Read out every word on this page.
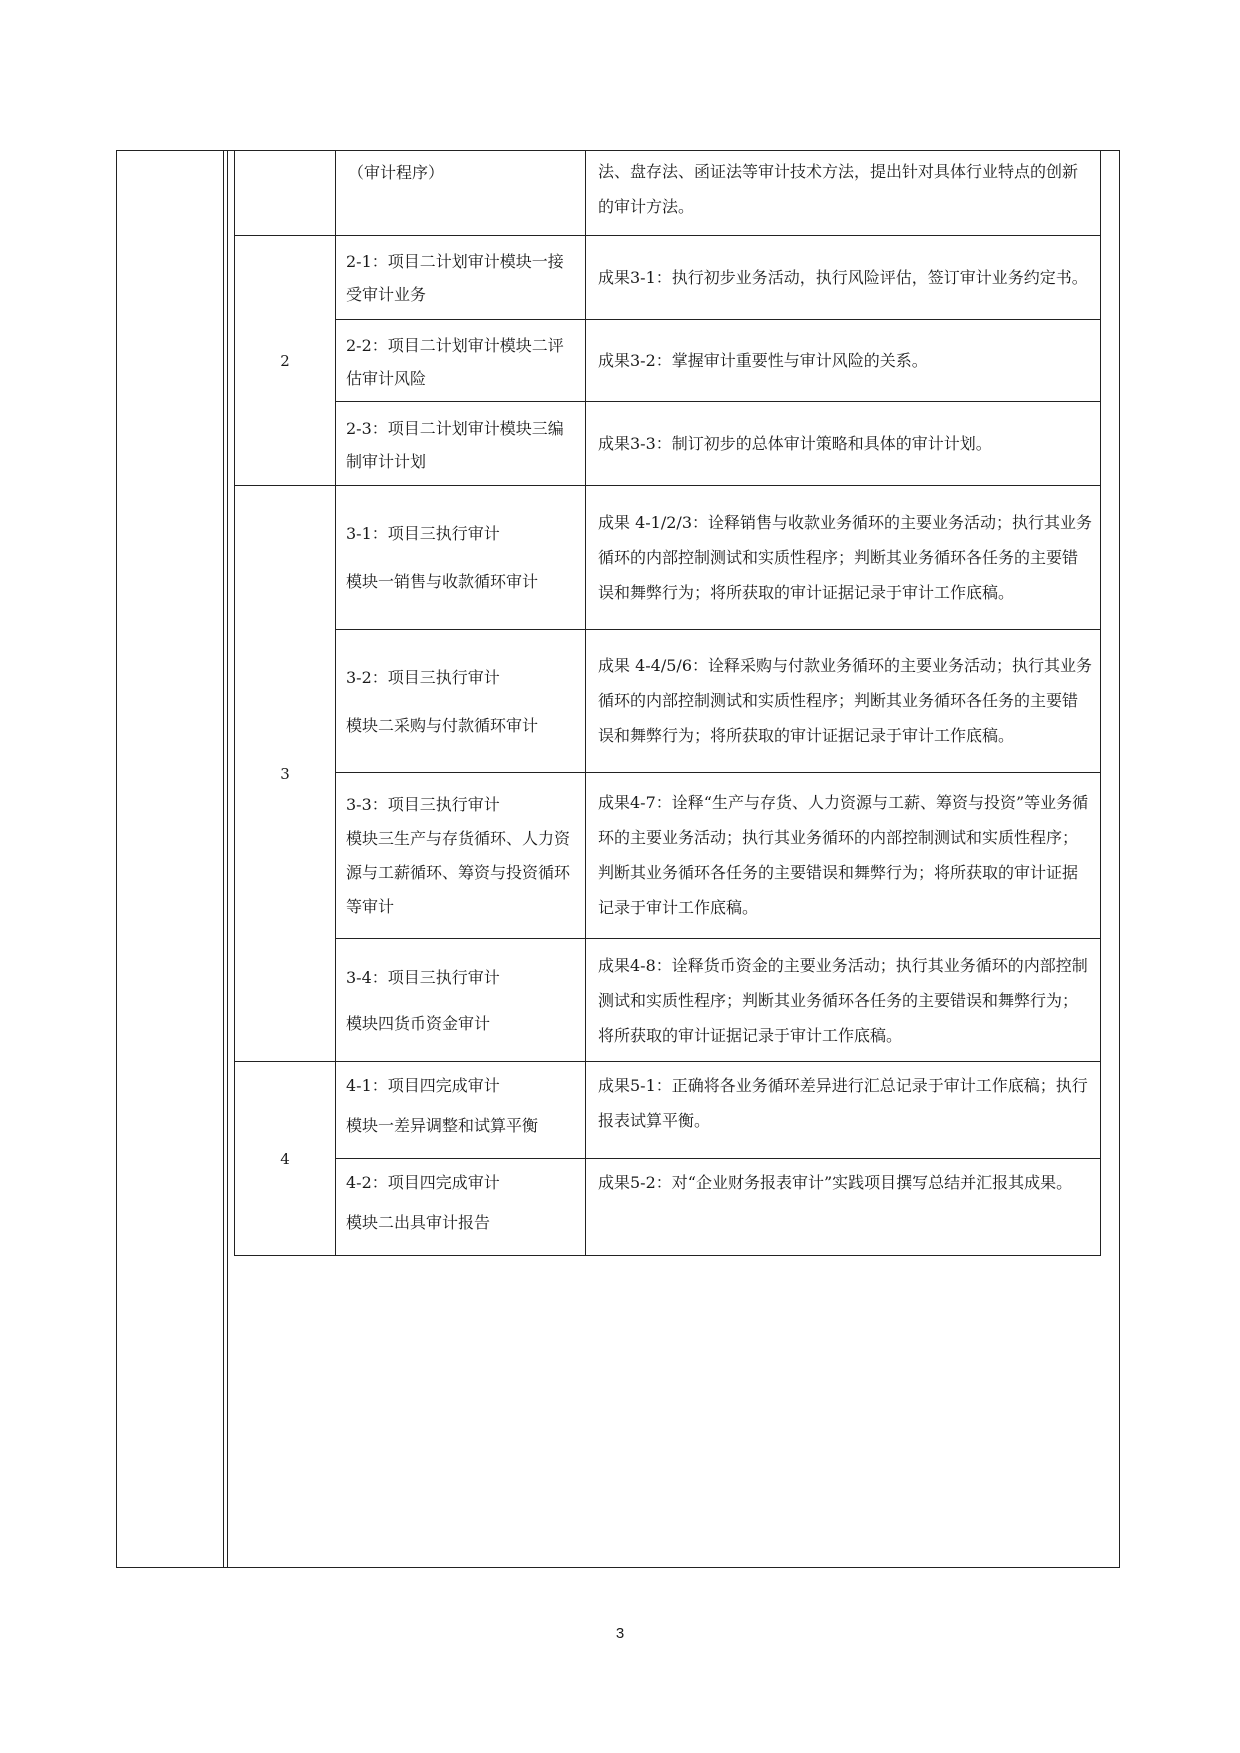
（审计程序）	法、盘存法、函证法等审计技术方法，提出针对具体行业特点的创新的审计方法。
2
2-1：项目二计划审计模块一接受审计业务
成果3-1：执行初步业务活动，执行风险评估，签订审计业务约定书。
2-2：项目二计划审计模块二评估审计风险
成果3-2：掌握审计重要性与审计风险的关系。
2-3：项目二计划审计模块三编制审计计划
成果3-3：制订初步的总体审计策略和具体的审计计划。
3
3-1：项目三执行审计
模块一销售与收款循环审计
成果 4-1/2/3：诠释销售与收款业务循环的主要业务活动；执行其业务循环的内部控制测试和实质性程序；判断其业务循环各任务的主要错误和舞弊行为；将所获取的审计证据记录于审计工作底稿。
3-2：项目三执行审计
模块二采购与付款循环审计
成果 4-4/5/6：诠释采购与付款业务循环的主要业务活动；执行其业务循环的内部控制测试和实质性程序；判断其业务循环各任务的主要错误和舞弊行为；将所获取的审计证据记录于审计工作底稿。
3-3：项目三执行审计
模块三生产与存货循环、人力资源与工薪循环、筹资与投资循环等审计
成果4-7：诠释“生产与存货、人力资源与工薪、筹资与投资”等业务循环的主要业务活动；执行其业务循环的内部控制测试和实质性程序；判断其业务循环各任务的主要错误和舞弊行为；将所获取的审计证据记录于审计工作底稿。
3-4：项目三执行审计
模块四货币资金审计
成果4-8：诠释货币资金的主要业务活动；执行其业务循环的内部控制测试和实质性程序；判断其业务循环各任务的主要错误和舞弊行为；将所获取的审计证据记录于审计工作底稿。
4
4-1：项目四完成审计
模块一差异调整和试算平衡
成果5-1：正确将各业务循环差异进行汇总记录于审计工作底稿；执行报表试算平衡。
4-2：项目四完成审计
模块二出具审计报告
成果5-2：对“企业财务报表审计”实践项目撰写总结并汇报其成果。
3
